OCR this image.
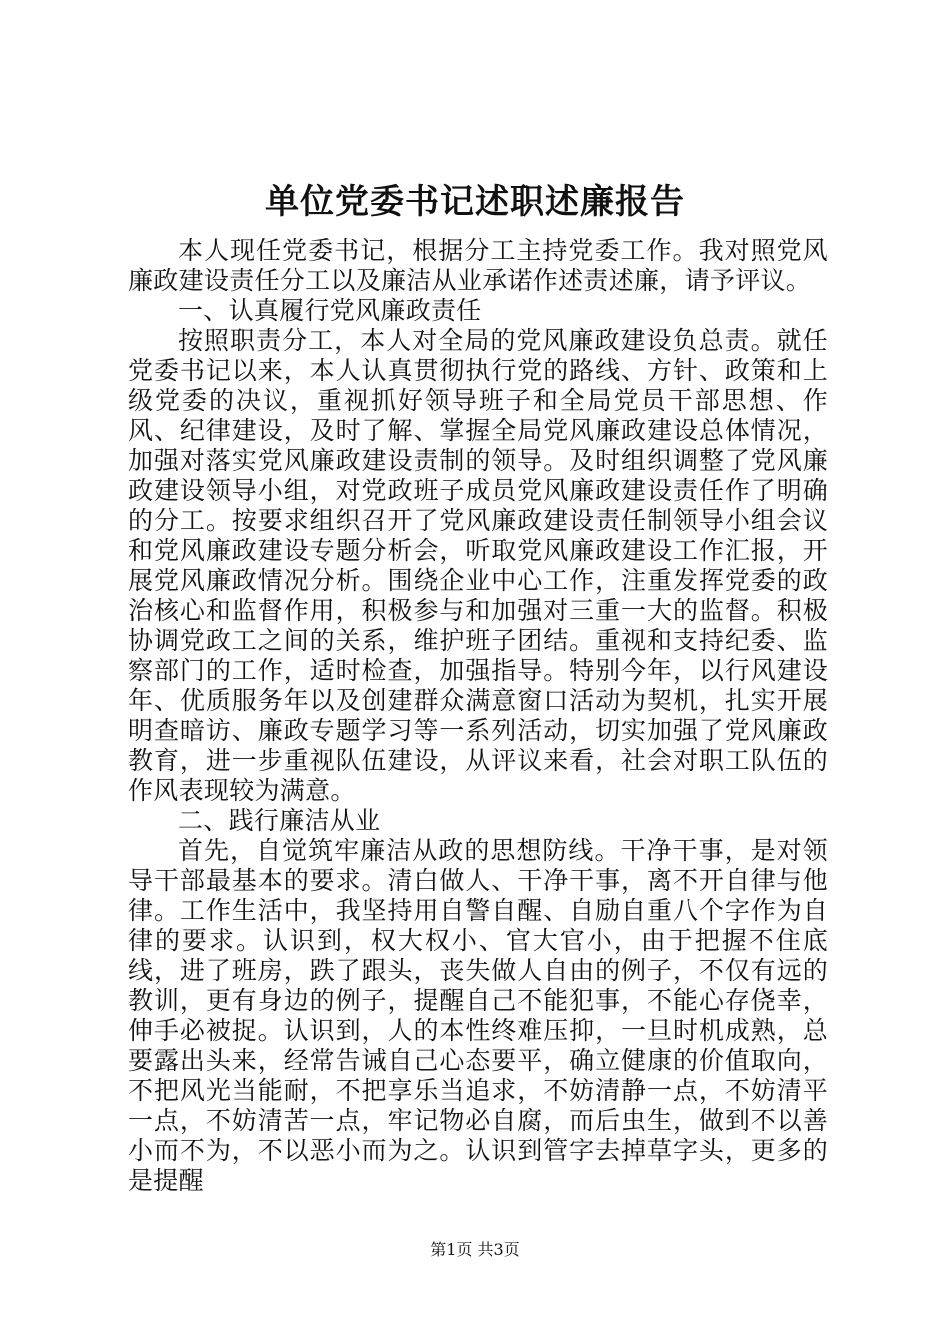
单位党委书记述职述廉报告

本人现任党委书记，根据分工主持党委工作。我对照党风廉政建设责任分工以及廉洁从业承诺作述责述廉，请予评议。

一、认真履行党风廉政责任

按照职责分工，本人对全局的党风廉政建设负总责。就任党委书记以来，本人认真贯彻执行党的路线、方针、政策和上级党委的决议，重视抓好领导班子和全局党员干部思想、作风、纪律建设，及时了解、掌握全局党风廉政建设总体情况，加强对落实党风廉政建设责制的领导。及时组织调整了党风廉政建设领导小组，对党政班子成员党风廉政建设责任作了明确的分工。按要求组织召开了党风廉政建设责任制领导小组会议和党风廉政建设专题分析会，听取党风廉政建设工作汇报，开展党风廉政情况分析。围绕企业中心工作，注重发挥党委的政治核心和监督作用，积极参与和加强对三重一大的监督。积极协调党政工之间的关系，维护班子团结。重视和支持纪委、监察部门的工作，适时检查，加强指导。特别今年，以行风建设年、优质服务年以及创建群众满意窗口活动为契机，扎实开展明查暗访、廉政专题学习等一系列活动，切实加强了党风廉政教育，进一步重视队伍建设，从评议来看，社会对职工队伍的作风表现较为满意。

二、践行廉洁从业

首先，自觉筑牢廉洁从政的思想防线。干净干事，是对领导干部最基本的要求。清白做人、干净干事，离不开自律与他律。工作生活中，我坚持用自警自醒、自励自重八个字作为自律的要求。认识到，权大权小、官大官小，由于把握不住底线，进了班房，跌了跟头，丧失做人自由的例子，不仅有远的教训，更有身边的例子，提醒自己不能犯事，不能心存侥幸，伸手必被捉。认识到，人的本性终难压抑，一旦时机成熟，总要露出头来，经常告诫自己心态要平，确立健康的价值取向，不把风光当能耐，不把享乐当追求，不妨清静一点，不妨清平一点，不妨清苦一点，牢记物必自腐，而后虫生，做到不以善小而不为，不以恶小而为之。认识到管字去掉草字头，更多的是提醒

第1页 共3页
